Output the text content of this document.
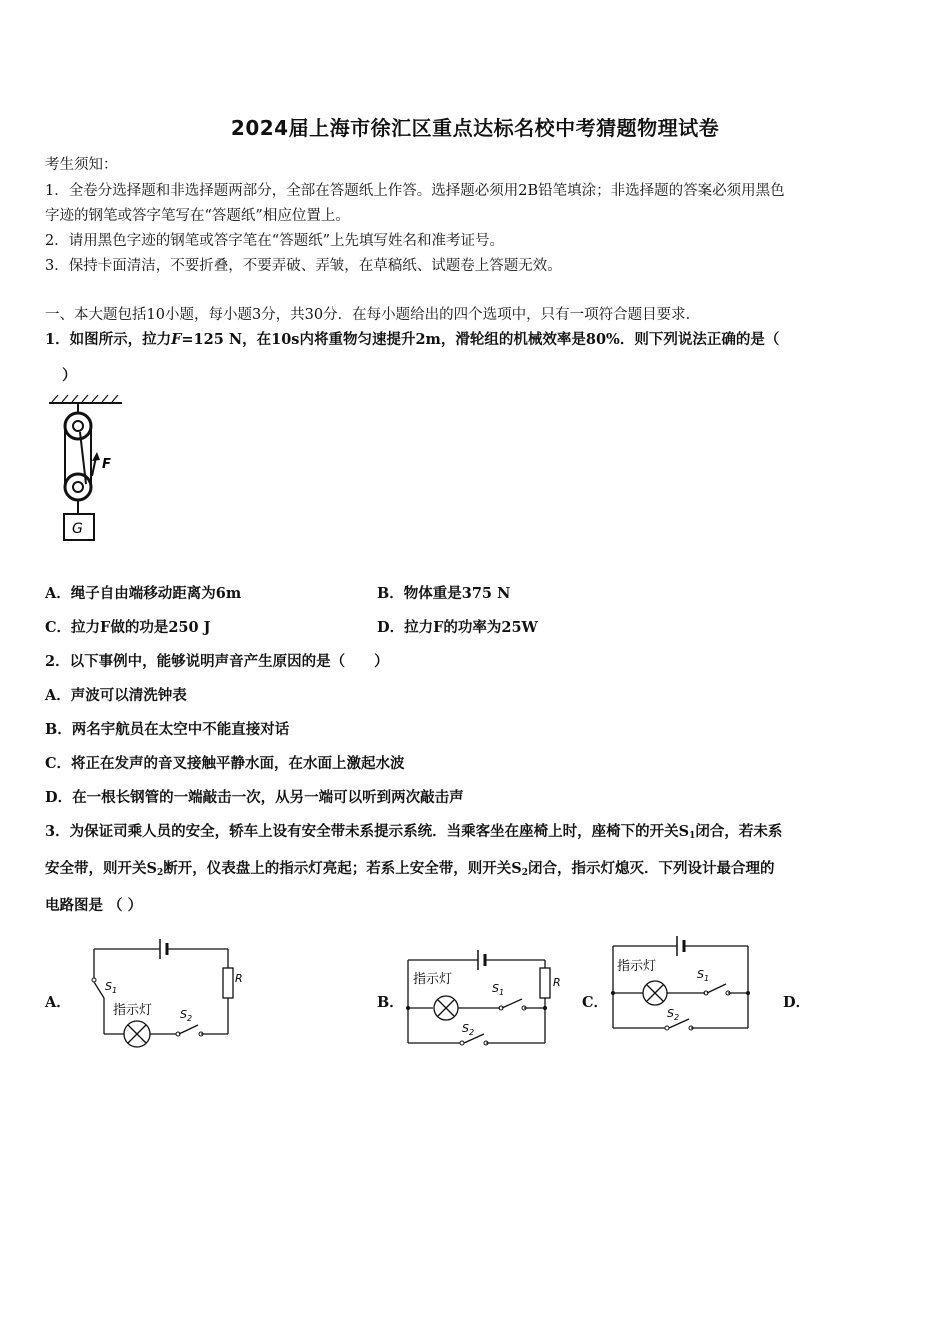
2024届上海市徐汇区重点达标名校中考猜题物理试卷
考生须知：
1．全卷分选择题和非选择题两部分，全部在答题纸上作答。选择题必须用2B铅笔填涂；非选择题的答案必须用黑色
字迹的钢笔或答字笔写在“答题纸”相应位置上。
2．请用黑色字迹的钢笔或答字笔在“答题纸”上先填写姓名和准考证号。
3．保持卡面清洁，不要折叠，不要弄破、弄皱，在草稿纸、试题卷上答题无效。
一、本大题包括10小题，每小题3分，共30分．在每小题给出的四个选项中，只有一项符合题目要求．
1．如图所示，拉力F=125 N，在10s内将重物匀速提升2m，滑轮组的机械效率是80%．则下列说法正确的是（
）
G
F
A．绳子自由端移动距离为6m	B．物体重是375 N
C．拉力F做的功是250 J	D．拉力F的功率为25W
2．以下事例中，能够说明声音产生原因的是（　　）
A．声波可以清洗钟表
B．两名宇航员在太空中不能直接对话
C．将正在发声的音叉接触平静水面，在水面上激起水波
D．在一根长钢管的一端敲击一次，从另一端可以听到两次敲击声
3．为保证司乘人员的安全，轿车上设有安全带未系提示系统．当乘客坐在座椅上时，座椅下的开关$S_1$闭合，若未系
安全带，则开关$S_2$断开，仪表盘上的指示灯亮起；若系上安全带，则开关$S_2$闭合，指示灯熄灭．下列设计最合理的
电路图是 （ ）
A．	B．	C．	D．
$S_1$
R
指示灯	$S_2$
指示灯
$S_1$
R
$S_2$
指示灯
$S_1$
$S_2$
